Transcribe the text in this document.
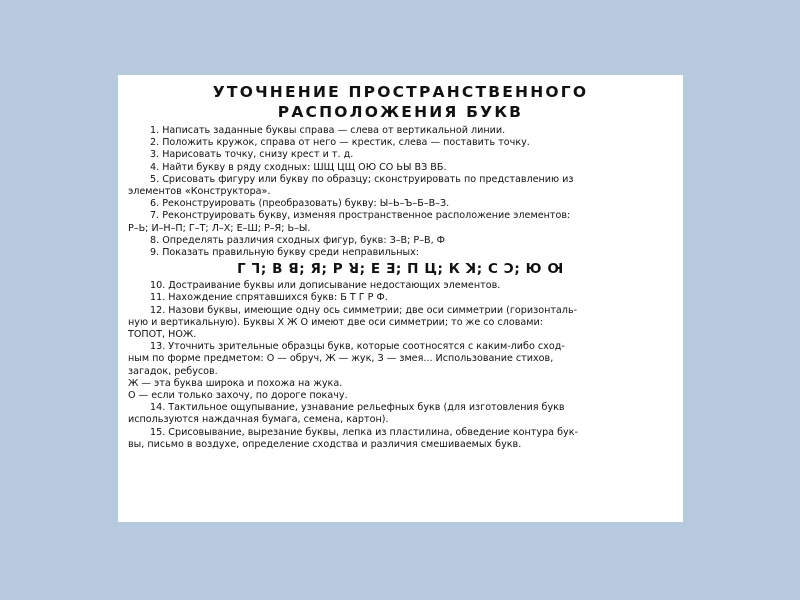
УТОЧНЕНИЕ ПРОСТРАНСТВЕННОГО
РАСПОЛОЖЕНИЯ БУКВ
1. Написать заданные буквы справа — слева от вертикальной линии.
2. Положить кружок, справа от него — крестик, слева — поставить точку.
3. Нарисовать точку, снизу крест и т. д.
4. Найти букву в ряду сходных: ШЩ ЦЩ ОЮ СО ЬЫ ВЗ ВБ.
5. Срисовать фигуру или букву по образцу; сконструировать по представлению из
элементов «Конструктора».
6. Реконструировать (преобразовать) букву: Ы–Ь–Ъ–Б–В–З.
7. Реконструировать букву, изменяя пространственное расположение элементов:
Р–Ь; И–Н–П; Г–Т; Л–Х; Е–Ш; Р–Я; Ь–Ы.
8. Определять различия сходных фигур, букв: З–В; Р–В, Ф
9. Показать правильную букву среди неправильных:
Г Ꞁ; В ꓭ; Я; Р ꓤ; Е Ǝ; П Ц; К ꓘ; С Ɔ; Ю Ꙕ
10. Достраивание буквы или дописывание недостающих элементов.
11. Нахождение спрятавшихся букв: Б Т Г Р Ф.
12. Назови буквы, имеющие одну ось симметрии; две оси симметрии (горизонталь-
ную и вертикальную). Буквы Х Ж О имеют две оси симметрии; то же со словами:
ТОПОТ, НОЖ.
13. Уточнить зрительные образцы букв, которые соотносятся с каким-либо сход-
ным по форме предметом: О — обруч, Ж — жук, З — змея... Использование стихов,
загадок, ребусов.
Ж — эта буква широка и похожа на жука.
О — если только захочу, по дороге покачу.
14. Тактильное ощупывание, узнавание рельефных букв (для изготовления букв
используются наждачная бумага, семена, картон).
15. Срисовывание, вырезание буквы, лепка из пластилина, обведение контура бук-
вы, письмо в воздухе, определение сходства и различия смешиваемых букв.
